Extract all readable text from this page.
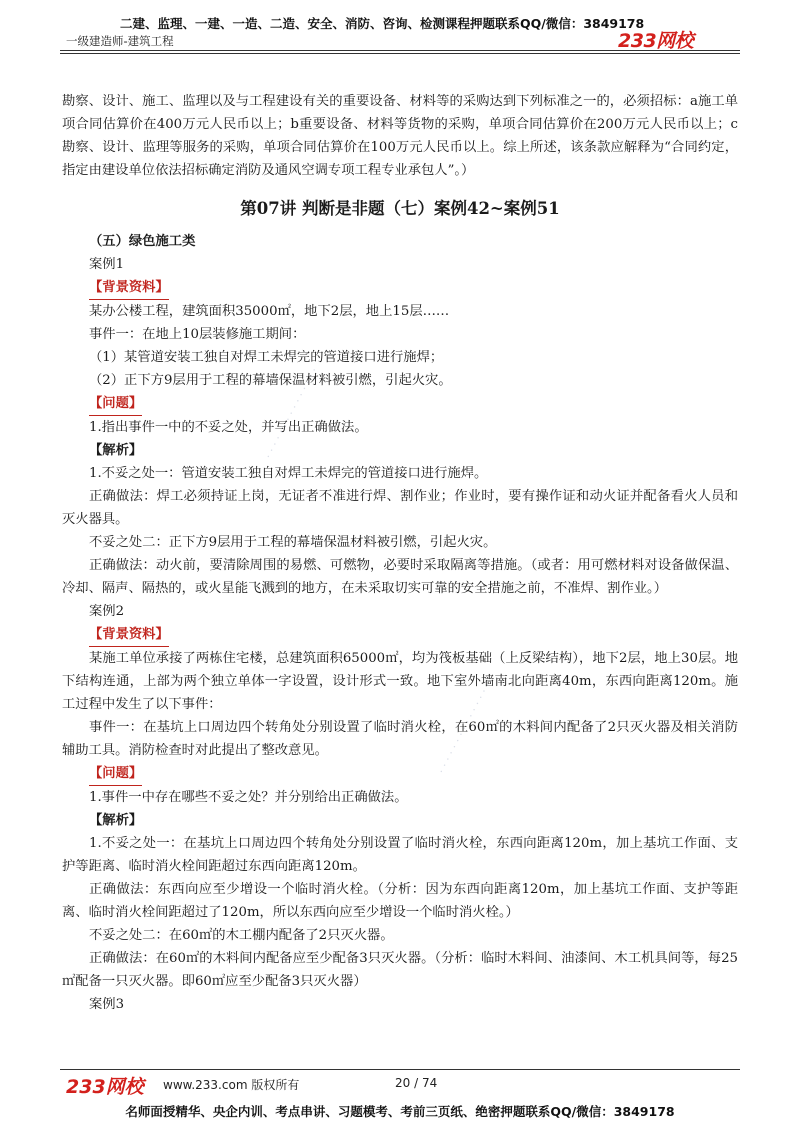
二建、监理、一建、一造、二造、安全、消防、咨询、检测课程押题联系QQ/微信：3849178
一级建造师-建筑工程	233网校
· · · · · · · · · · · · · · ·
· · · · · · · · · · · · · · ·

勘察、设计、施工、监理以及与工程建设有关的重要设备、材料等的采购达到下列标准之一的，必须招标：a施工单项合同估算价在400万元人民币以上；b重要设备、材料等货物的采购，单项合同估算价在200万元人民币以上；c勘察、设计、监理等服务的采购，单项合同估算价在100万元人民币以上。综上所述，该条款应解释为“合同约定，指定由建设单位依法招标确定消防及通风空调专项工程专业承包人”。）

第07讲 判断是非题（七）案例42~案例51

（五）绿色施工类

案例1

【背景资料】

某办公楼工程，建筑面积35000㎡，地下2层，地上15层……

事件一：在地上10层装修施工期间：

（1）某管道安装工独自对焊工未焊完的管道接口进行施焊；

（2）正下方9层用于工程的幕墙保温材料被引燃，引起火灾。

【问题】

1.指出事件一中的不妥之处，并写出正确做法。

【解析】

1.不妥之处一：管道安装工独自对焊工未焊完的管道接口进行施焊。

正确做法：焊工必须持证上岗，无证者不准进行焊、割作业；作业时，要有操作证和动火证并配备看火人员和灭火器具。

不妥之处二：正下方9层用于工程的幕墙保温材料被引燃，引起火灾。

正确做法：动火前，要清除周围的易燃、可燃物，必要时采取隔离等措施。（或者：用可燃材料对设备做保温、冷却、隔声、隔热的，或火星能飞溅到的地方，在未采取切实可靠的安全措施之前，不准焊、割作业。）

案例2

【背景资料】

某施工单位承接了两栋住宅楼，总建筑面积65000㎡，均为筏板基础（上反梁结构），地下2层，地上30层。地下结构连通，上部为两个独立单体一字设置，设计形式一致。地下室外墙南北向距离40m，东西向距离120m。施工过程中发生了以下事件：

事件一：在基坑上口周边四个转角处分别设置了临时消火栓，在60㎡的木料间内配备了2只灭火器及相关消防辅助工具。消防检查时对此提出了整改意见。

【问题】

1.事件一中存在哪些不妥之处？并分别给出正确做法。

【解析】

1.不妥之处一：在基坑上口周边四个转角处分别设置了临时消火栓，东西向距离120m，加上基坑工作面、支护等距离、临时消火栓间距超过东西向距离120m。

正确做法：东西向应至少增设一个临时消火栓。（分析：因为东西向距离120m，加上基坑工作面、支护等距离、临时消火栓间距超过了120m，所以东西向应至少增设一个临时消火栓。）

不妥之处二：在60㎡的木工棚内配备了2只灭火器。

正确做法：在60㎡的木料间内配备应至少配备3只灭火器。（分析：临时木料间、油漆间、木工机具间等，每25㎡配备一只灭火器。即60㎡应至少配备3只灭火器）

案例3

233网校 www.233.com 版权所有	20 / 74
名师面授精华、央企内训、考点串讲、习题模考、考前三页纸、绝密押题联系QQ/微信：3849178
